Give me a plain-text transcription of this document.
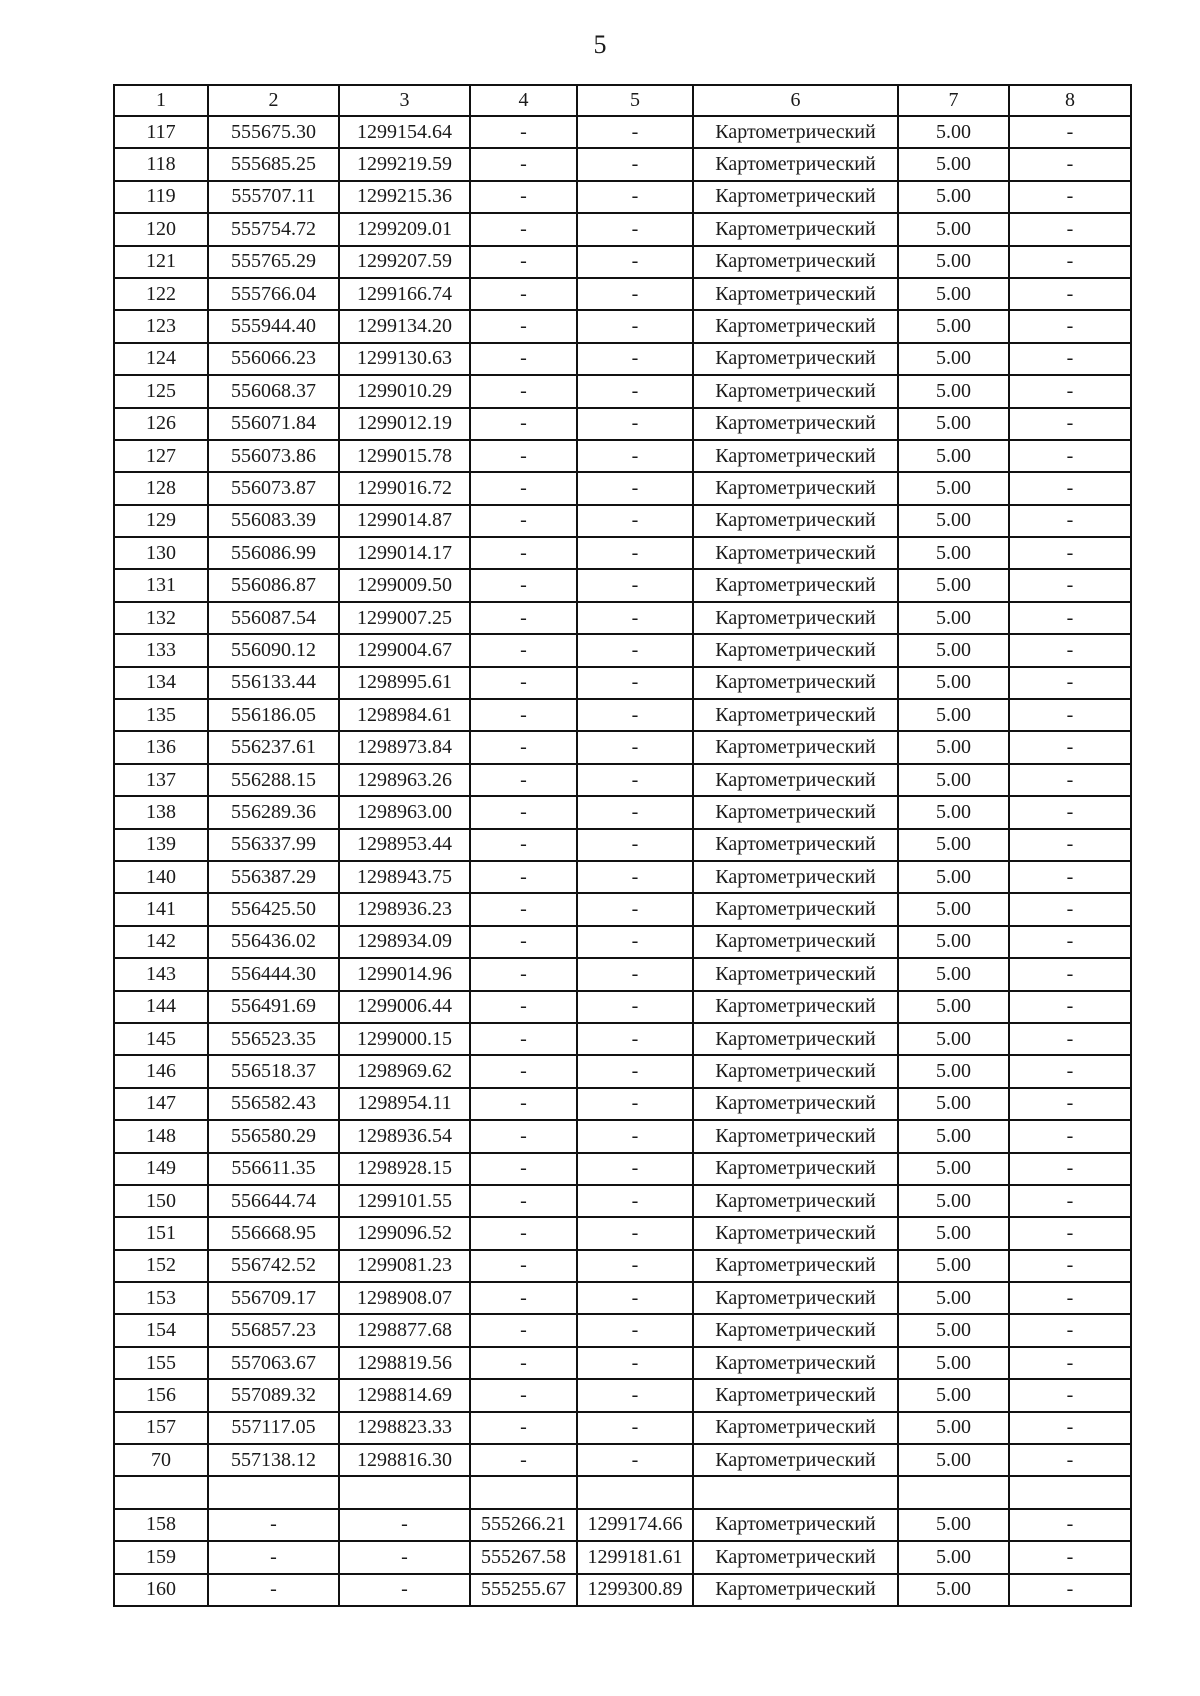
5
1	2	3	4	5	6	7	8
117	555675.30	1299154.64	-	-	Картометрический	5.00	-
118	555685.25	1299219.59	-	-	Картометрический	5.00	-
119	555707.11	1299215.36	-	-	Картометрический	5.00	-
120	555754.72	1299209.01	-	-	Картометрический	5.00	-
121	555765.29	1299207.59	-	-	Картометрический	5.00	-
122	555766.04	1299166.74	-	-	Картометрический	5.00	-
123	555944.40	1299134.20	-	-	Картометрический	5.00	-
124	556066.23	1299130.63	-	-	Картометрический	5.00	-
125	556068.37	1299010.29	-	-	Картометрический	5.00	-
126	556071.84	1299012.19	-	-	Картометрический	5.00	-
127	556073.86	1299015.78	-	-	Картометрический	5.00	-
128	556073.87	1299016.72	-	-	Картометрический	5.00	-
129	556083.39	1299014.87	-	-	Картометрический	5.00	-
130	556086.99	1299014.17	-	-	Картометрический	5.00	-
131	556086.87	1299009.50	-	-	Картометрический	5.00	-
132	556087.54	1299007.25	-	-	Картометрический	5.00	-
133	556090.12	1299004.67	-	-	Картометрический	5.00	-
134	556133.44	1298995.61	-	-	Картометрический	5.00	-
135	556186.05	1298984.61	-	-	Картометрический	5.00	-
136	556237.61	1298973.84	-	-	Картометрический	5.00	-
137	556288.15	1298963.26	-	-	Картометрический	5.00	-
138	556289.36	1298963.00	-	-	Картометрический	5.00	-
139	556337.99	1298953.44	-	-	Картометрический	5.00	-
140	556387.29	1298943.75	-	-	Картометрический	5.00	-
141	556425.50	1298936.23	-	-	Картометрический	5.00	-
142	556436.02	1298934.09	-	-	Картометрический	5.00	-
143	556444.30	1299014.96	-	-	Картометрический	5.00	-
144	556491.69	1299006.44	-	-	Картометрический	5.00	-
145	556523.35	1299000.15	-	-	Картометрический	5.00	-
146	556518.37	1298969.62	-	-	Картометрический	5.00	-
147	556582.43	1298954.11	-	-	Картометрический	5.00	-
148	556580.29	1298936.54	-	-	Картометрический	5.00	-
149	556611.35	1298928.15	-	-	Картометрический	5.00	-
150	556644.74	1299101.55	-	-	Картометрический	5.00	-
151	556668.95	1299096.52	-	-	Картометрический	5.00	-
152	556742.52	1299081.23	-	-	Картометрический	5.00	-
153	556709.17	1298908.07	-	-	Картометрический	5.00	-
154	556857.23	1298877.68	-	-	Картометрический	5.00	-
155	557063.67	1298819.56	-	-	Картометрический	5.00	-
156	557089.32	1298814.69	-	-	Картометрический	5.00	-
157	557117.05	1298823.33	-	-	Картометрический	5.00	-
70	557138.12	1298816.30	-	-	Картометрический	5.00	-

158	-	-	555266.21	1299174.66	Картометрический	5.00	-
159	-	-	555267.58	1299181.61	Картометрический	5.00	-
160	-	-	555255.67	1299300.89	Картометрический	5.00	-
